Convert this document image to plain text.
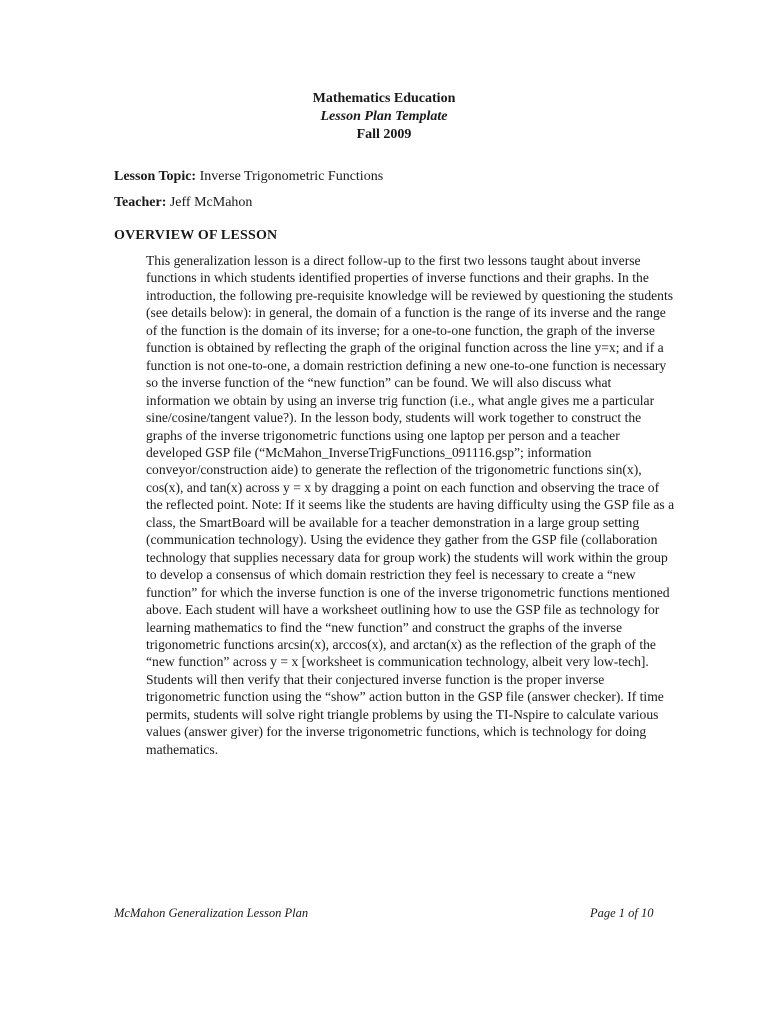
Mathematics Education
Lesson Plan Template
Fall 2009
Lesson Topic: Inverse Trigonometric Functions
Teacher: Jeff McMahon
OVERVIEW OF LESSON

This generalization lesson is a direct follow-up to the first two lessons taught about inverse functions in which students identified properties of inverse functions and their graphs. In the introduction, the following pre-requisite knowledge will be reviewed by questioning the students (see details below): in general, the domain of a function is the range of its inverse and the range of the function is the domain of its inverse; for a one-to-one function, the graph of the inverse function is obtained by reflecting the graph of the original function across the line y=x; and if a function is not one-to-one, a domain restriction defining a new one-to-one function is necessary so the inverse function of the “new function” can be found. We will also discuss what information we obtain by using an inverse trig function (i.e., what angle gives me a particular sine/cosine/tangent value?). In the lesson body, students will work together to construct the graphs of the inverse trigonometric functions using one laptop per person and a teacher developed GSP file (“McMahon_InverseTrigFunctions_091116.gsp”; information conveyor/construction aide) to generate the reflection of the trigonometric functions sin(x), cos(x), and tan(x) across y = x by dragging a point on each function and observing the trace of the reflected point. Note: If it seems like the students are having difficulty using the GSP file as a class, the SmartBoard will be available for a teacher demonstration in a large group setting (communication technology). Using the evidence they gather from the GSP file (collaboration technology that supplies necessary data for group work) the students will work within the group to develop a consensus of which domain restriction they feel is necessary to create a “new function” for which the inverse function is one of the inverse trigonometric functions mentioned above. Each student will have a worksheet outlining how to use the GSP file as technology for learning mathematics to find the “new function” and construct the graphs of the inverse trigonometric functions arcsin(x), arccos(x), and arctan(x) as the reflection of the graph of the “new function” across y = x [worksheet is communication technology, albeit very low-tech]. Students will then verify that their conjectured inverse function is the proper inverse trigonometric function using the “show” action button in the GSP file (answer checker). If time permits, students will solve right triangle problems by using the TI-Nspire to calculate various values (answer giver) for the inverse trigonometric functions, which is technology for doing mathematics.

McMahon Generalization Lesson Plan	Page 1 of 10
